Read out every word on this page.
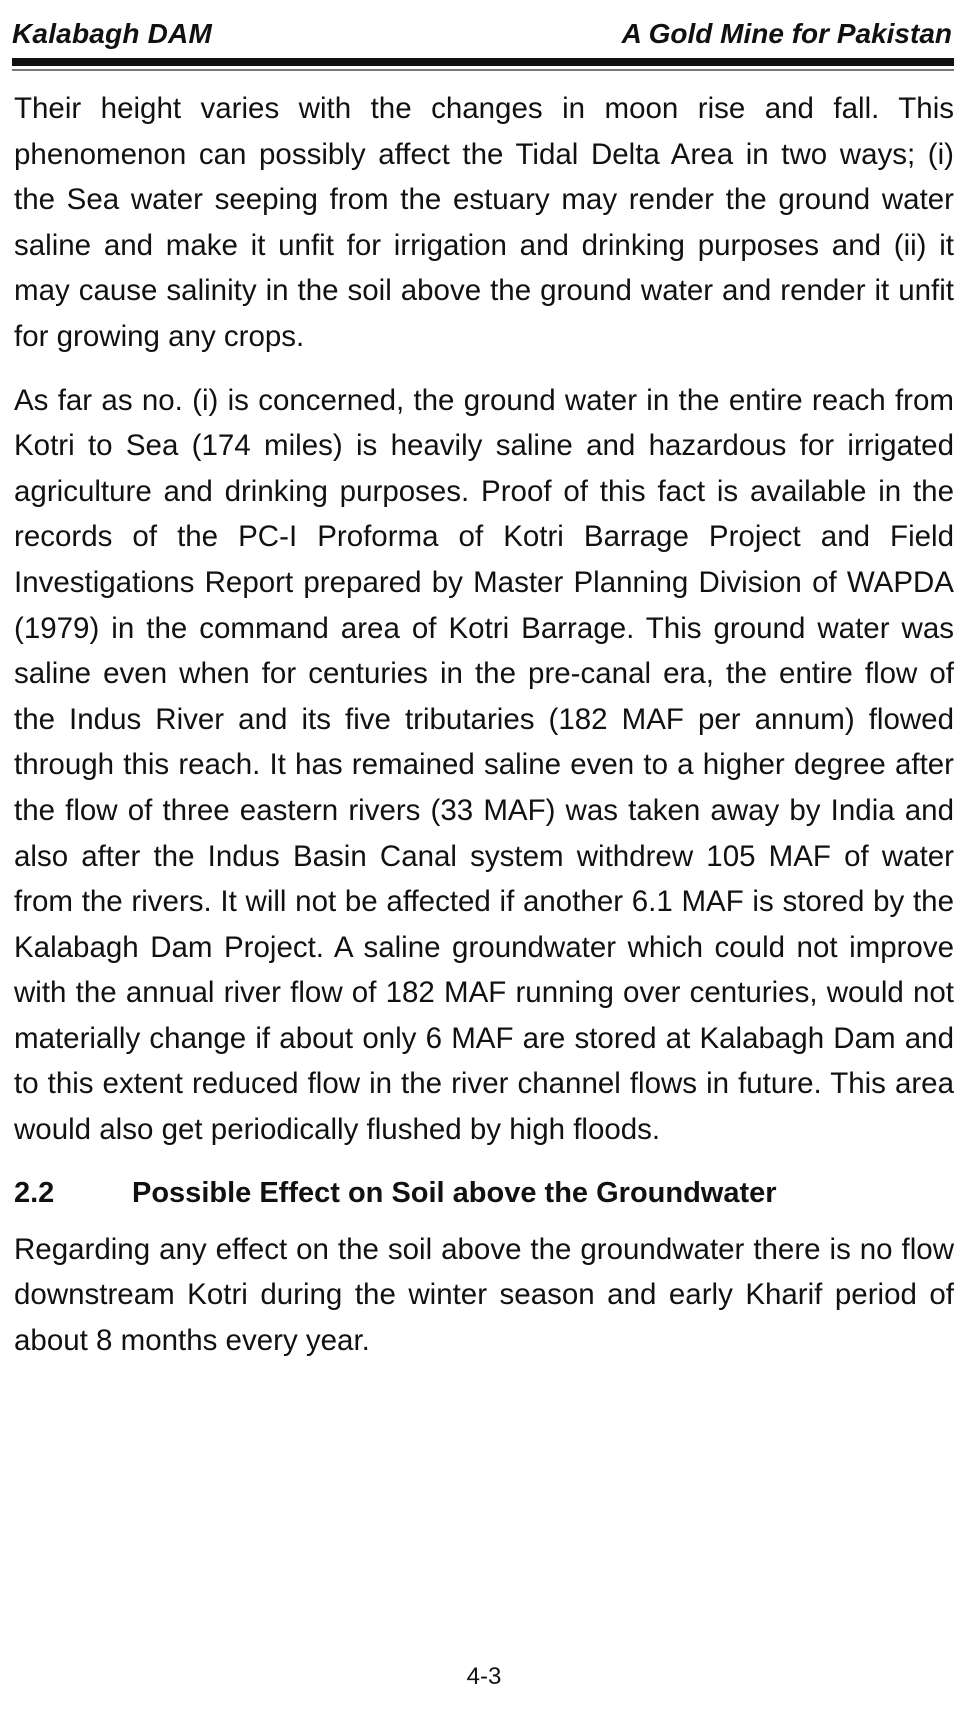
Kalabagh DAM	A Gold Mine for Pakistan

Their height varies with the changes in moon rise and fall. This phenomenon can possibly affect the Tidal Delta Area in two ways; (i) the Sea water seeping from the estuary may render the ground water saline and make it unfit for irrigation and drinking purposes and (ii) it may cause salinity in the soil above the ground water and render it unfit for growing any crops.

As far as no. (i) is concerned, the ground water in the entire reach from Kotri to Sea (174 miles) is heavily saline and hazardous for irrigated agriculture and drinking purposes. Proof of this fact is available in the records of the PC-I Proforma of Kotri Barrage Project and Field Investigations Report prepared by Master Planning Division of WAPDA (1979) in the command area of Kotri Barrage. This ground water was saline even when for centuries in the pre-canal era, the entire flow of the Indus River and its five tributaries (182 MAF per annum) flowed through this reach. It has remained saline even to a higher degree after the flow of three eastern rivers (33 MAF) was taken away by India and also after the Indus Basin Canal system withdrew 105 MAF of water from the rivers. It will not be affected if another 6.1 MAF is stored by the Kalabagh Dam Project. A saline groundwater which could not improve with the annual river flow of 182 MAF running over centuries, would not materially change if about only 6 MAF are stored at Kalabagh Dam and to this extent reduced flow in the river channel flows in future. This area would also get periodically flushed by high floods.

2.2	Possible Effect on Soil above the Groundwater

Regarding any effect on the soil above the groundwater there is no flow downstream Kotri during the winter season and early Kharif period of about 8 months every year.

4-3
